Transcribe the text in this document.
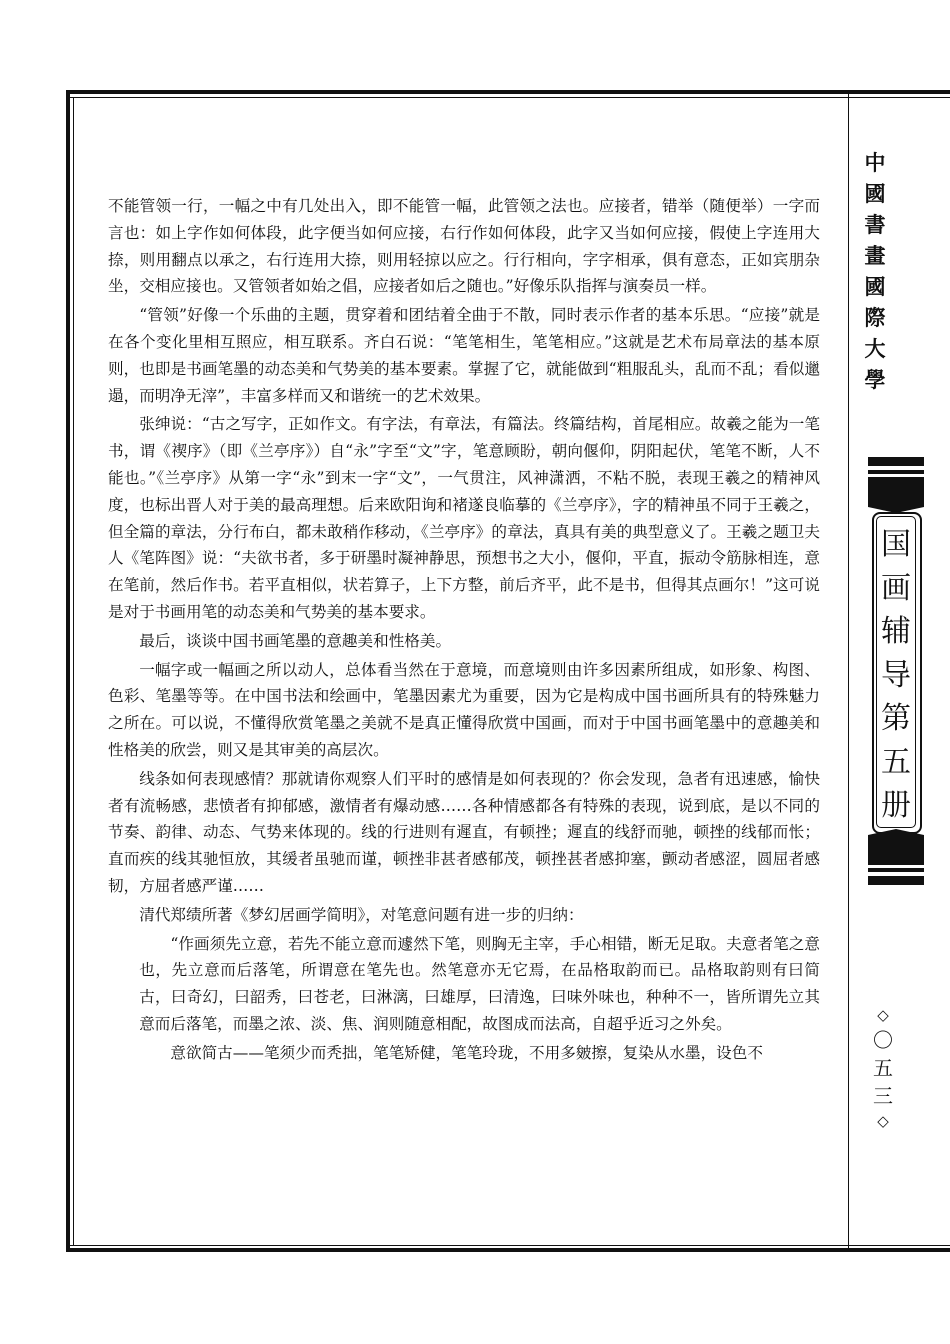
不能管领一行，一幅之中有几处出入，即不能管一幅，此管领之法也。应接者，错举（随便举）一字而言也：如上字作如何体段，此字便当如何应接，右行作如何体段，此字又当如何应接，假使上字连用大捺，则用翻点以承之，右行连用大捺，则用轻掠以应之。行行相向，字字相承，俱有意态，正如宾朋杂坐，交相应接也。又管领者如始之倡，应接者如后之随也。”好像乐队指挥与演奏员一样。

“管领”好像一个乐曲的主题，贯穿着和团结着全曲于不散，同时表示作者的基本乐思。“应接”就是在各个变化里相互照应，相互联系。齐白石说：“笔笔相生，笔笔相应。”这就是艺术布局章法的基本原则，也即是书画笔墨的动态美和气势美的基本要素。掌握了它，就能做到“粗服乱头，乱而不乱；看似邋遢，而明净无滓”，丰富多样而又和谐统一的艺术效果。

张绅说：“古之写字，正如作文。有字法，有章法，有篇法。终篇结构，首尾相应。故羲之能为一笔书，谓《禊序》（即《兰亭序》）自“永”字至“文”字，笔意顾盼，朝向偃仰，阴阳起伏，笔笔不断，人不能也。”《兰亭序》从第一字“永”到末一字“文”，一气贯注，风神潇洒，不粘不脱，表现王羲之的精神风度，也标出晋人对于美的最高理想。后来欧阳询和褚遂良临摹的《兰亭序》，字的精神虽不同于王羲之，但全篇的章法，分行布白，都未敢稍作移动，《兰亭序》的章法，真具有美的典型意义了。王羲之题卫夫人《笔阵图》说：“夫欲书者，多于研墨时凝神静思，预想书之大小，偃仰，平直，振动令筋脉相连，意在笔前，然后作书。若平直相似，状若算子，上下方整，前后齐平，此不是书，但得其点画尔！”这可说是对于书画用笔的动态美和气势美的基本要求。

最后，谈谈中国书画笔墨的意趣美和性格美。

一幅字或一幅画之所以动人，总体看当然在于意境，而意境则由许多因素所组成，如形象、构图、色彩、笔墨等等。在中国书法和绘画中，笔墨因素尤为重要，因为它是构成中国书画所具有的特殊魅力之所在。可以说，不懂得欣赏笔墨之美就不是真正懂得欣赏中国画，而对于中国书画笔墨中的意趣美和性格美的欣尝，则又是其审美的高层次。

线条如何表现感情？那就请你观察人们平时的感情是如何表现的？你会发现，急者有迅速感，愉快者有流畅感，悲愤者有抑郁感，激情者有爆动感……各种情感都各有特殊的表现，说到底，是以不同的节奏、韵律、动态、气势来体现的。线的行进则有遲直，有顿挫；遲直的线舒而驰，顿挫的线郁而怅；直而疾的线其驰恒放，其缓者虽驰而谨，顿挫非甚者感郁茂，顿挫甚者感抑塞，颤动者感涩，圆屈者感韧，方屈者感严谨……

清代郑绩所著《梦幻居画学简明》，对笔意问题有进一步的归纳：

“作画须先立意，若先不能立意而遽然下笔，则胸无主宰，手心相错，断无足取。夫意者笔之意也，先立意而后落笔，所谓意在笔先也。然笔意亦无它焉，在品格取韵而已。品格取韵则有曰简古，曰奇幻，曰韶秀，曰苍老，曰淋漓，曰雄厚，曰清逸，曰味外味也，种种不一，皆所谓先立其意而后落笔，而墨之浓、淡、焦、润则随意相配，故图成而法高，自超乎近习之外矣。

意欲简古——笔须少而秃拙，笔笔矫健，笔笔玲珑，不用多皴擦，复染从水墨，设色不

中
國
書
畫
國
際
大
學
国
画
辅
导
第
五
册
◇
〇
五
三
◇
